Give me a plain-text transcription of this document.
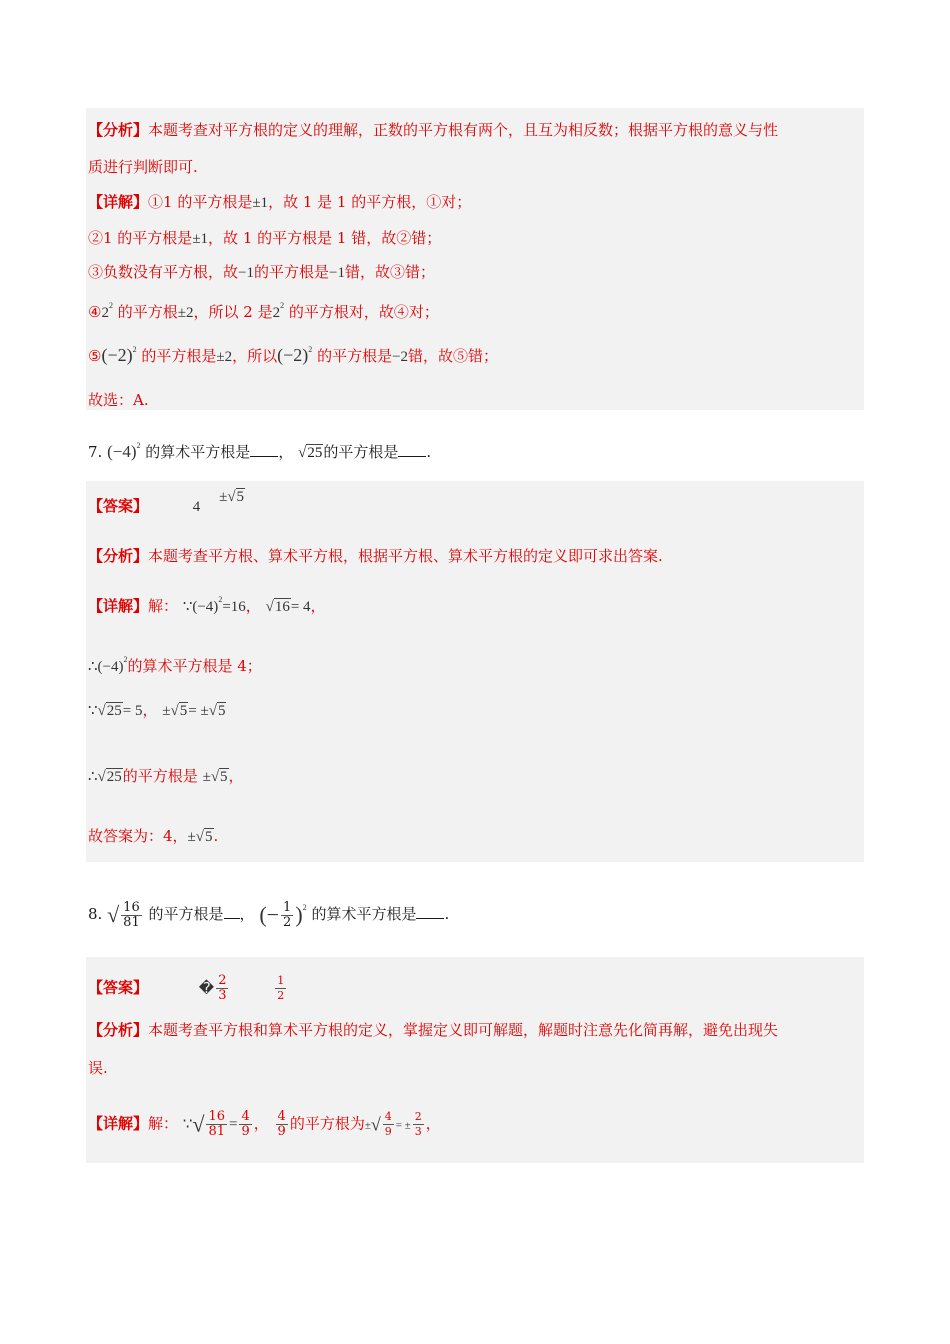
【分析】本题考查对平方根的定义的理解，正数的平方根有两个，且互为相反数；根据平方根的意义与性
质进行判断即可.
【详解】①1 的平方根是±1，故 1 是 1 的平方根，①对；
②1 的平方根是±1，故 1 的平方根是 1 错，故②错；
③负数没有平方根，故−1的平方根是−1错，故③错；
$④2^2$ 的平方根±2，所以 2 是$2^2$ 的平方根对，故④对；
$⑤(-2)^2$ 的平方根是±2，所以$(-2)^2$ 的平方根是−2错，故⑤错；
故选：A.
7. $(-4)^2$ 的算术平方根是 ， √25的平方根是 .
【答案】	4 ±√5
【分析】本题考查平方根、算术平方根，根据平方根、算术平方根的定义即可求出答案.
【详解】解： $\because(-4)^2=16$， √16= 4，
$\therefore(-4)^2$的算术平方根是 4；
∵√25= 5， ±√5= ±√5
∴√25的平方根是 ±√5，
故答案为：4，±√5.
8. √ $\frac{16}{81}$ 的平方根是 ， (− $\frac{1}{2} )^2$ 的算术平方根是 .
【答案】	� $\frac{2}{3}$
	$\frac{1}{2}$
【分析】本题考查平方根和算术平方根的定义，掌握定义即可解题，解题时注意先化简再解，避免出现失
误.
【详解】解： ∵√ $\frac{16}{81} = \frac{4}{9}$ ， $\frac{4}{9}$ 的平方根为±√ $\frac{4}{9}$ = ± $\frac{2}{3}$ ，
